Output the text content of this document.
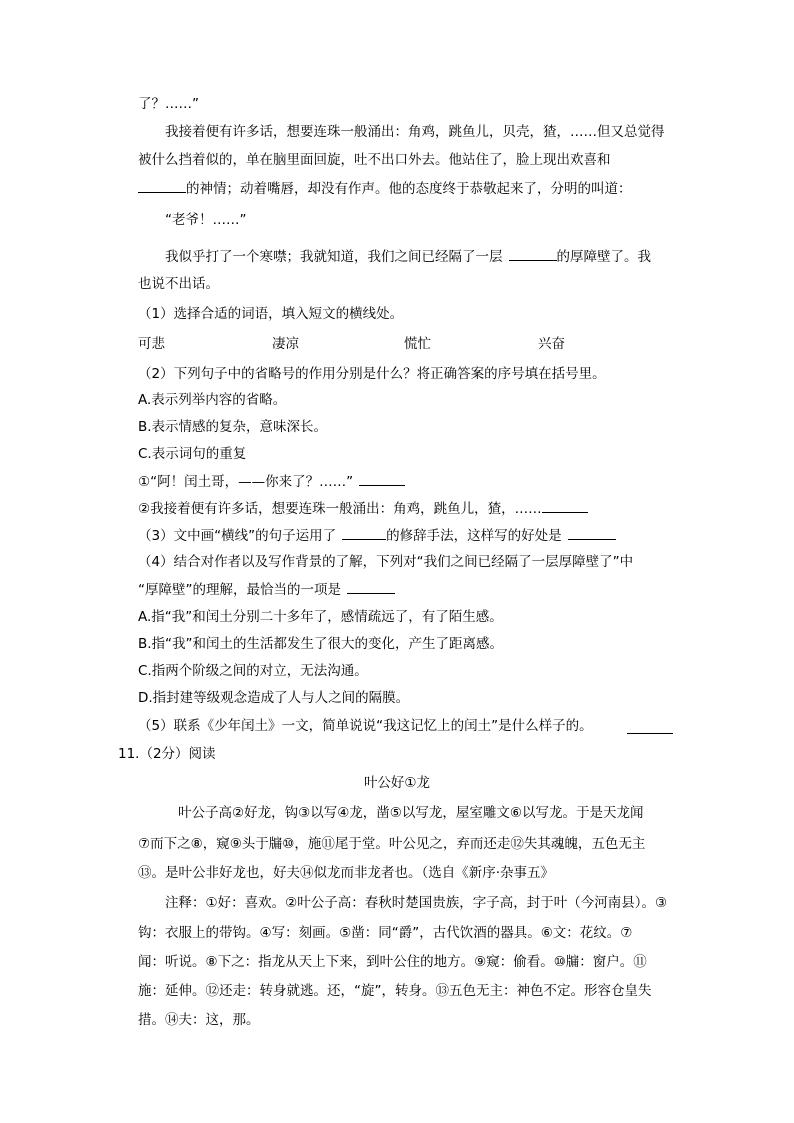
了？……”
我接着便有许多话，想要连珠一般涌出：角鸡，跳鱼儿，贝壳，猹，……但又总觉得
被什么挡着似的，单在脑里面回旋，吐不出口外去。他站住了，脸上现出欢喜和
的神情；动着嘴唇，却没有作声。他的态度终于恭敬起来了，分明的叫道：
“老爷！……”
我似乎打了一个寒噤；我就知道，我们之间已经隔了一层	的厚障壁了。我
也说不出话。
（1）选择合适的词语，填入短文的横线处。
可悲	凄凉	慌忙	兴奋
（2）下列句子中的省略号的作用分别是什么？将正确答案的序号填在括号里。
A.表示列举内容的省略。
B.表示情感的复杂，意味深长。
C.表示词句的重复
①“阿！闰土哥，——你来了？……”
②我接着便有许多话，想要连珠一般涌出：角鸡，跳鱼儿，猹，……
（3）文中画“横线”的句子运用了	的修辞手法，这样写的好处是
（4）结合对作者以及写作背景的了解，下列对“我们之间已经隔了一层厚障壁了”中
“厚障壁”的理解，最恰当的一项是
A.指“我”和闰土分别二十多年了，感情疏远了，有了陌生感。
B.指“我”和闰土的生活都发生了很大的变化，产生了距离感。
C.指两个阶级之间的对立，无法沟通。
D.指封建等级观念造成了人与人之间的隔膜。
（5）联系《少年闰土》一文，简单说说“我这记忆上的闰土”是什么样子的。
11.（2分）阅读
叶公好①龙
叶公子高②好龙，钩③以写④龙，凿⑤以写龙，屋室雕文⑥以写龙。于是天龙闻
⑦而下之⑧，窥⑨头于牖⑩，施⑪尾于堂。叶公见之，弃而还走⑫失其魂魄，五色无主
⑬。是叶公非好龙也，好夫⑭似龙而非龙者也。（选自《新序·杂事五》
注释：①好：喜欢。②叶公子高：春秋时楚国贵族，字子高，封于叶（今河南县）。③
钩：衣服上的带钩。④写：刻画。⑤凿：同“爵”，古代饮酒的器具。⑥文：花纹。⑦
闻：听说。⑧下之：指龙从天上下来，到叶公住的地方。⑨窥：偷看。⑩牖：窗户。⑪
施：延伸。⑫还走：转身就逃。还，“旋”，转身。⑬五色无主：神色不定。形容仓皇失
措。⑭夫：这，那。
